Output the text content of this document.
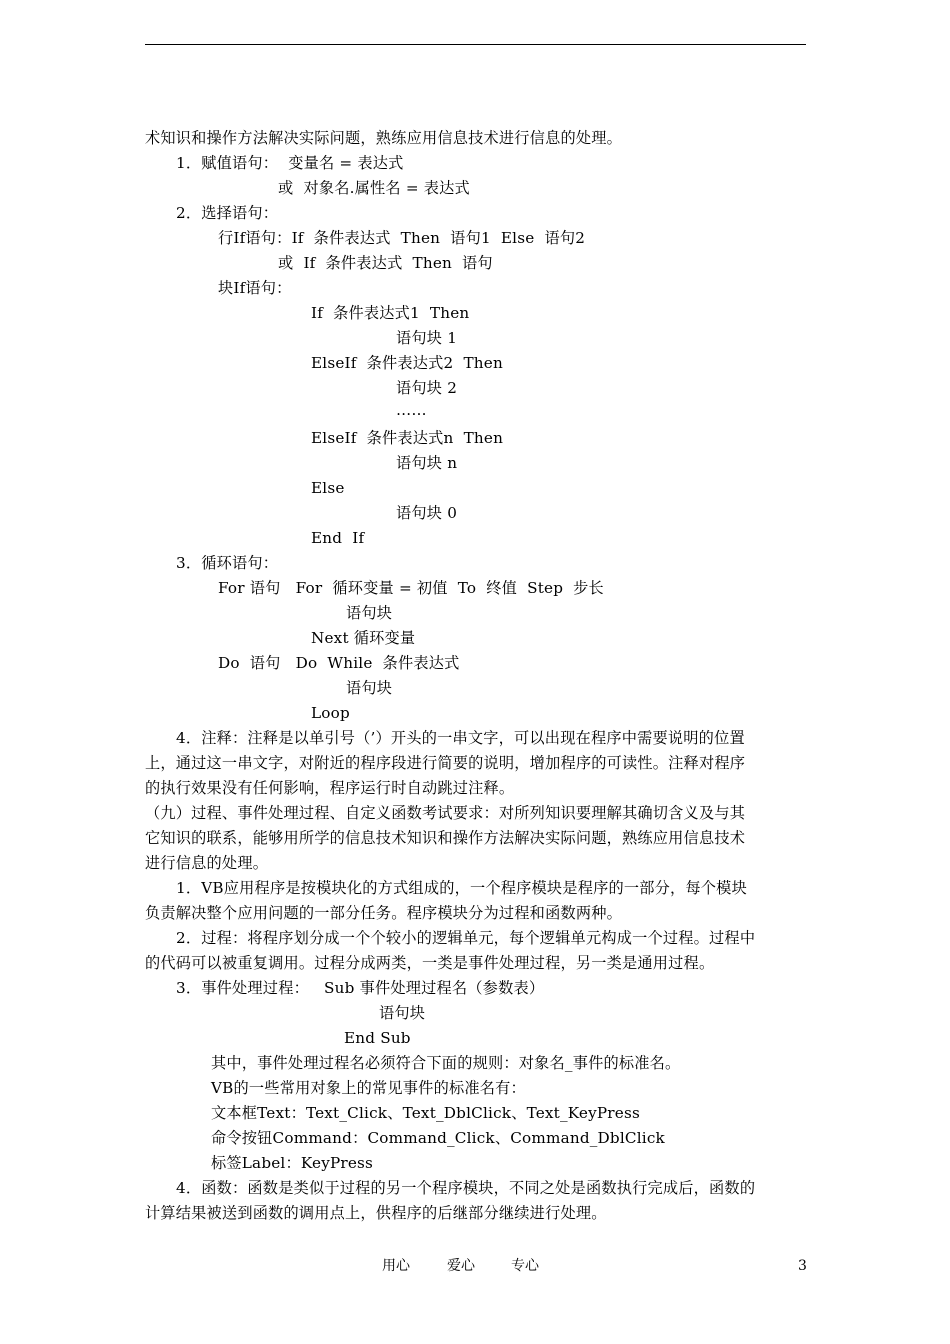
术知识和操作方法解决实际问题，熟练应用信息技术进行信息的处理。
1．赋值语句：  变量名 = 表达式
或  对象名.属性名 = 表达式
2．选择语句：
行If语句：If  条件表达式  Then  语句1  Else  语句2
或  If  条件表达式  Then  语句
块If语句：
If  条件表达式1  Then
语句块 1
ElseIf  条件表达式2  Then
语句块 2
……
ElseIf  条件表达式n  Then
语句块 n
Else
语句块 0
End  If
3．循环语句：
For 语句   For  循环变量 = 初值  To  终值  Step  步长
语句块
Next 循环变量
Do  语句   Do  While  条件表达式
语句块
Loop
4．注释：注释是以单引号（’）开头的一串文字，可以出现在程序中需要说明的位置
上，通过这一串文字，对附近的程序段进行简要的说明，增加程序的可读性。注释对程序
的执行效果没有任何影响，程序运行时自动跳过注释。
（九）过程、事件处理过程、自定义函数考试要求：对所列知识要理解其确切含义及与其
它知识的联系，能够用所学的信息技术知识和操作方法解决实际问题，熟练应用信息技术
进行信息的处理。
1．VB应用程序是按模块化的方式组成的，一个程序模块是程序的一部分，每个模块
负责解决整个应用问题的一部分任务。程序模块分为过程和函数两种。
2．过程：将程序划分成一个个较小的逻辑单元，每个逻辑单元构成一个过程。过程中
的代码可以被重复调用。过程分成两类，一类是事件处理过程，另一类是通用过程。
3．事件处理过程：   Sub 事件处理过程名（参数表）
语句块
End Sub
其中，事件处理过程名必须符合下面的规则：对象名_事件的标准名。
VB的一些常用对象上的常见事件的标准名有：
文本框Text：Text_Click、Text_DblClick、Text_KeyPress
命令按钮Command：Command_Click、Command_DblClick
标签Label：KeyPress
4．函数：函数是类似于过程的另一个程序模块，不同之处是函数执行完成后，函数的
计算结果被送到函数的调用点上，供程序的后继部分继续进行处理。
用心	爱心	专心	3
